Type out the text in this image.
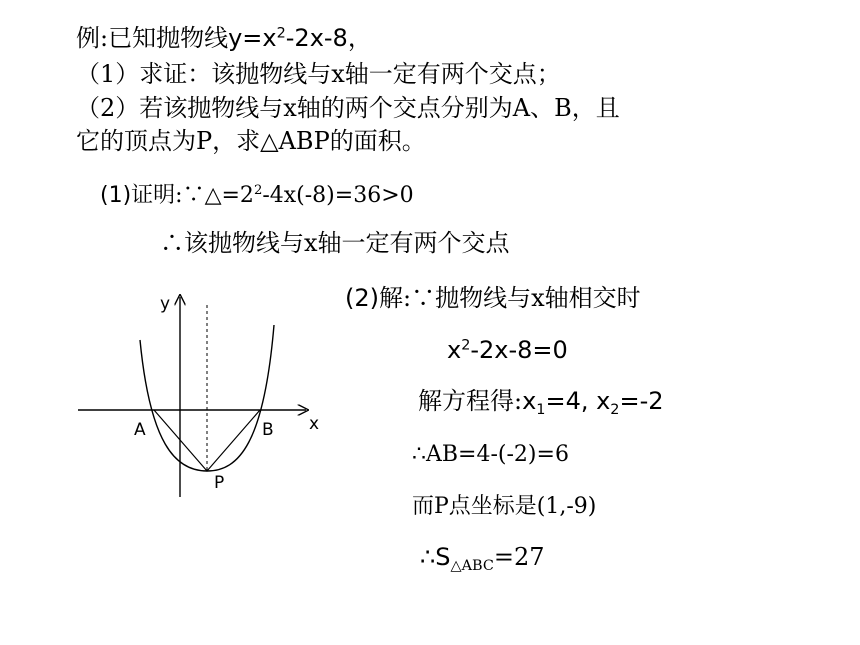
例:已知抛物线$y=x^2-2x-8$，
（1）求证：该抛物线与x轴一定有两个交点；
（2）若该抛物线与x轴的两个交点分别为A、B，且
它的顶点为P，求△ABP的面积。
(1)证明$:\because\triangle=2^2-4x(-8)=36>0$
∴该抛物线与x轴一定有两个交点
(2)解:∵抛物线与x轴相交时
$x^2-2x-8=0$
解方程得$:x_1=4$, $x_2=-2$
∴AB=4-(-2)=6
而P点坐标是(1,-9)
$\therefore S_{\triangle ABC}=27$
y
x
A	B
P
